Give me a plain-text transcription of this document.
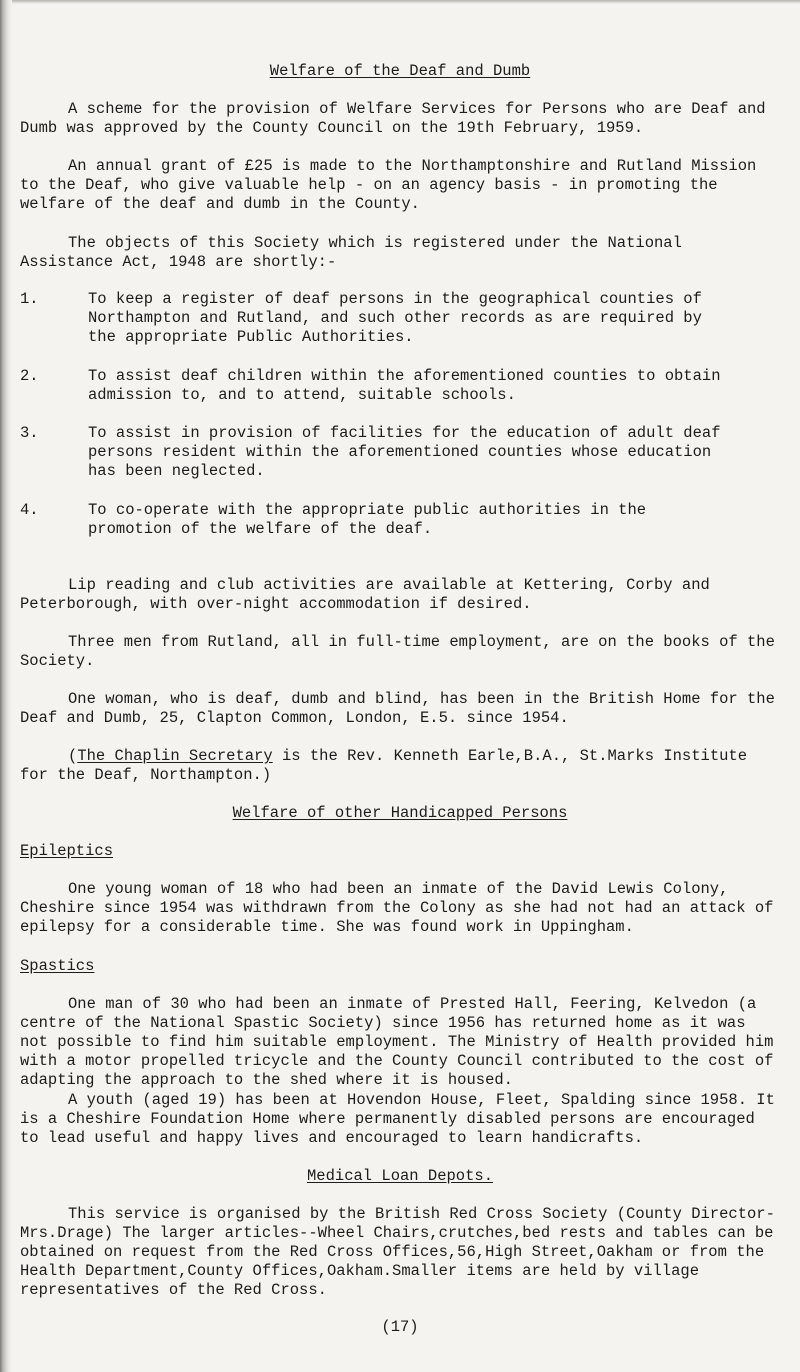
Welfare of the Deaf and Dumb

A scheme for the provision of Welfare Services for Persons who are Deaf and Dumb was approved by the County Council on the 19th February, 1959.

An annual grant of £25 is made to the Northamptonshire and Rutland Mission to the Deaf, who give valuable help - on an agency basis - in promoting the welfare of the deaf and dumb in the County.

The objects of this Society which is registered under the National Assistance Act, 1948 are shortly:-

1.	To keep a register of deaf persons in the geographical counties of Northampton and Rutland, and such other records as are required by the appropriate Public Authorities.
2.	To assist deaf children within the aforementioned counties to obtain admission to, and to attend, suitable schools.
3.	To assist in provision of facilities for the education of adult deaf persons resident within the aforementioned counties whose education has been neglected.
4.	To co-operate with the appropriate public authorities in the promotion of the welfare of the deaf.

Lip reading and club activities are available at Kettering, Corby and Peterborough, with over-night accommodation if desired.

Three men from Rutland, all in full-time employment, are on the books of the Society.

One woman, who is deaf, dumb and blind, has been in the British Home for the Deaf and Dumb, 25, Clapton Common, London, E.5. since 1954.

(The Chaplin Secretary is the Rev. Kenneth Earle,B.A., St.Marks Institute for the Deaf, Northampton.)

Welfare of other Handicapped Persons
Epileptics

One young woman of 18 who had been an inmate of the David Lewis Colony, Cheshire since 1954 was withdrawn from the Colony as she had not had an attack of epilepsy for a considerable time. She was found work in Uppingham.

Spastics

One man of 30 who had been an inmate of Prested Hall, Feering, Kelvedon (a centre of the National Spastic Society) since 1956 has returned home as it was not possible to find him suitable employment. The Ministry of Health provided him with a motor propelled tricycle and the County Council contributed to the cost of adapting the approach to the shed where it is housed.

A youth (aged 19) has been at Hovendon House, Fleet, Spalding since 1958. It is a Cheshire Foundation Home where permanently disabled persons are encouraged to lead useful and happy lives and encouraged to learn handicrafts.

Medical Loan Depots.

This service is organised by the British Red Cross Society (County Director-Mrs.Drage) The larger articles--Wheel Chairs,crutches,bed rests and tables can be obtained on request from the Red Cross Offices,56,High Street,Oakham or from the Health Department,County Offices,Oakham.Smaller items are held by village representatives of the Red Cross.

(17)
